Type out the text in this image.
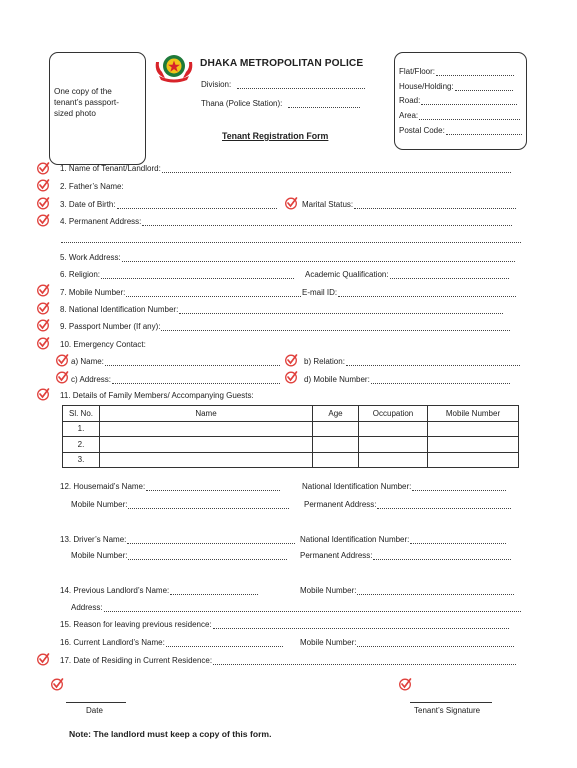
One copy of the tenant’s passport-sized photo
DHAKA METROPOLITAN POLICE
Division:
Thana (Police Station):
Tenant Registration Form
Flat/Floor:
House/Holding:
Road:
Area:
Postal Code:
1. Name of Tenant/Landlord:
2. Father’s Name:
3. Date of Birth:	Marital Status:
4. Permanent Address:
5. Work Address:
6. Religion:	Academic Qualification:
7. Mobile Number:	E-mail ID:
8. National Identification Number:
9. Passport Number (If any):
10. Emergency Contact:
a) Name:	b) Relation:
c) Address:	d) Mobile Number:
11. Details of Family Members/ Accompanying Guests:
Sl. No.	Name	Age	Occupation	Mobile Number
1.				
2.				
3.				
12. Housemaid’s Name:	National Identification Number:
Mobile Number:	Permanent Address:
13. Driver’s Name:	National Identification Number:
Mobile Number:	Permanent Address:
14. Previous Landlord’s Name:	Mobile Number:
Address:
15. Reason for leaving previous residence:
16. Current Landlord’s Name:	Mobile Number:
17. Date of Residing in Current Residence:
Date	Tenant’s Signature
Note: The landlord must keep a copy of this form.
